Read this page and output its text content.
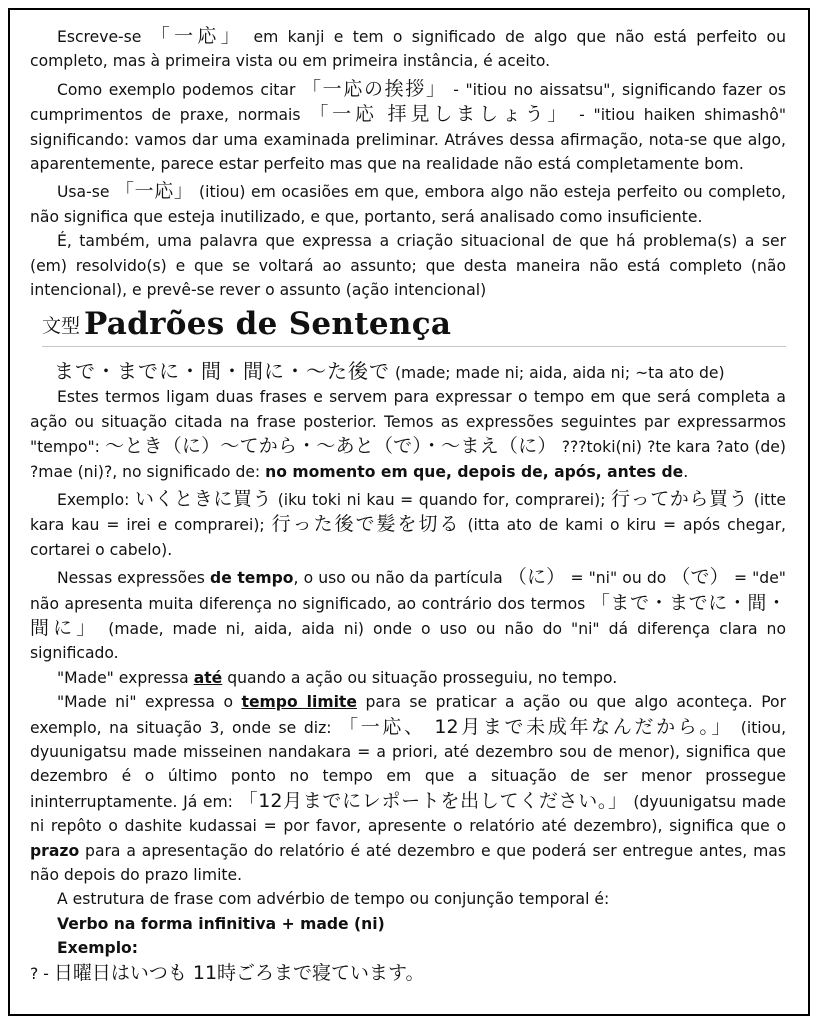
Escreve-se 「一応」 em kanji e tem o significado de algo que não está perfeito ou completo, mas à primeira vista ou em primeira instância, é aceito.

Como exemplo podemos citar 「一応の挨拶」 - "itiou no aissatsu", significando fazer os cumprimentos de praxe, normais 「一応 拝見しましょう」 - "itiou haiken shimashô" significando: vamos dar uma examinada preliminar. Atráves dessa afirmação, nota-se que algo, aparentemente, parece estar perfeito mas que na realidade não está completamente bom.

Usa-se 「一応」 (itiou) em ocasiões em que, embora algo não esteja perfeito ou completo, não significa que esteja inutilizado, e que, portanto, será analisado como insuficiente.

É, também, uma palavra que expressa a criação situacional de que há problema(s) a ser (em) resolvido(s) e que se voltará ao assunto; que desta maneira não está completo (não intencional), e prevê-se rever o assunto (ação intencional)

文型 Padrões de Sentença

まで・までに・間・間に・～た後で (made; made ni; aida, aida ni; ~ta ato de)

Estes termos ligam duas frases e servem para expressar o tempo em que será completa a ação ou situação citada na frase posterior. Temos as expressões seguintes par expressarmos "tempo": ～とき（に）～てから・～あと（で）・～まえ（に） ???toki(ni) ?te kara ?ato (de) ?mae (ni)?, no significado de: no momento em que, depois de, após, antes de.

Exemplo: いくときに買う (iku toki ni kau = quando for, comprarei); 行ってから買う (itte kara kau = irei e comprarei); 行った後で髪を切る (itta ato de kami o kiru = após chegar, cortarei o cabelo).

Nessas expressões de tempo, o uso ou não da partícula （に） = "ni" ou do （で） = "de" não apresenta muita diferença no significado, ao contrário dos termos 「まで・までに・間・間に」 (made, made ni, aida, aida ni) onde o uso ou não do "ni" dá diferença clara no significado.

"Made" expressa até quando a ação ou situação prosseguiu, no tempo.

"Made ni" expressa o tempo limite para se praticar a ação ou que algo aconteça. Por exemplo, na situação 3, onde se diz: 「一応、 12月まで未成年なんだから。」 (itiou, dyuunigatsu made misseinen nandakara = a priori, até dezembro sou de menor), significa que dezembro é o último ponto no tempo em que a situação de ser menor prossegue ininterruptamente. Já em: 「12月までにレポートを出してください。」 (dyuunigatsu made ni repôto o dashite kudassai = por favor, apresente o relatório até dezembro), significa que o prazo para a apresentação do relatório é até dezembro e que poderá ser entregue antes, mas não depois do prazo limite.

A estrutura de frase com advérbio de tempo ou conjunção temporal é:

Verbo na forma infinitiva + made (ni)

Exemplo:

? - 日曜日はいつも 11時ごろまで寝ています。
